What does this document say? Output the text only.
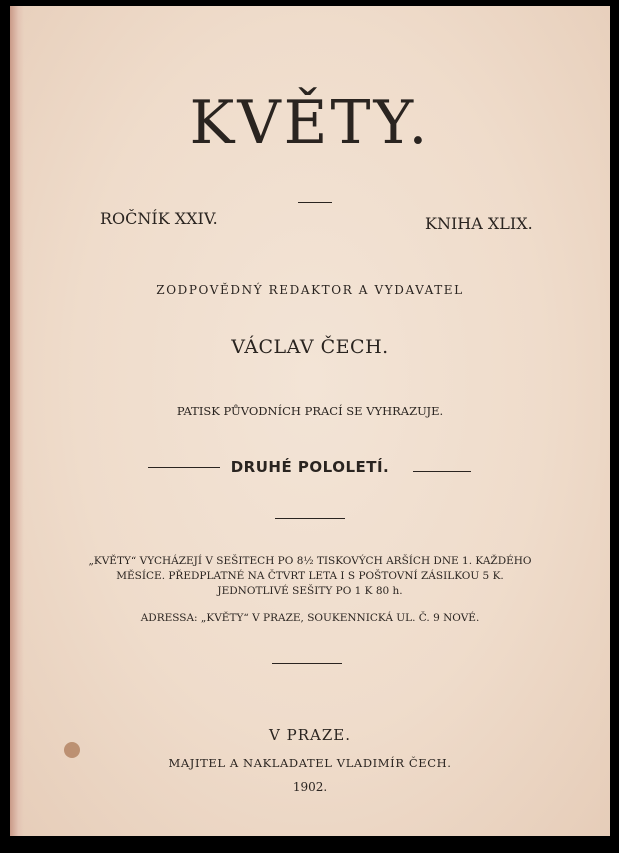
KVĚTY.
ROČNÍK XXIV.	KNIHA XLIX.
ZODPOVĚDNÝ REDAKTOR A VYDAVATEL
VÁCLAV ČECH.
PATISK PŮVODNÍCH PRACÍ SE VYHRAZUJE.
DRUHÉ POLOLETÍ.
„KVĚTY“ VYCHÁZEJÍ V SEŠITECH PO 8½ TISKOVÝCH ARŠÍCH DNE 1. KAŽDÉHO MĚSÍCE. PŘEDPLATNÉ NA ČTVRT LETA I S POŠTOVNÍ ZÁSILKOU 5 K. JEDNOTLIVÉ SEŠITY PO 1 K 80 h.
ADRESSA: „KVĚTY“ V PRAZE, SOUKENNICKÁ UL. Č. 9 NOVÉ.
V PRAZE.
MAJITEL A NAKLADATEL VLADIMÍR ČECH.
1902.
